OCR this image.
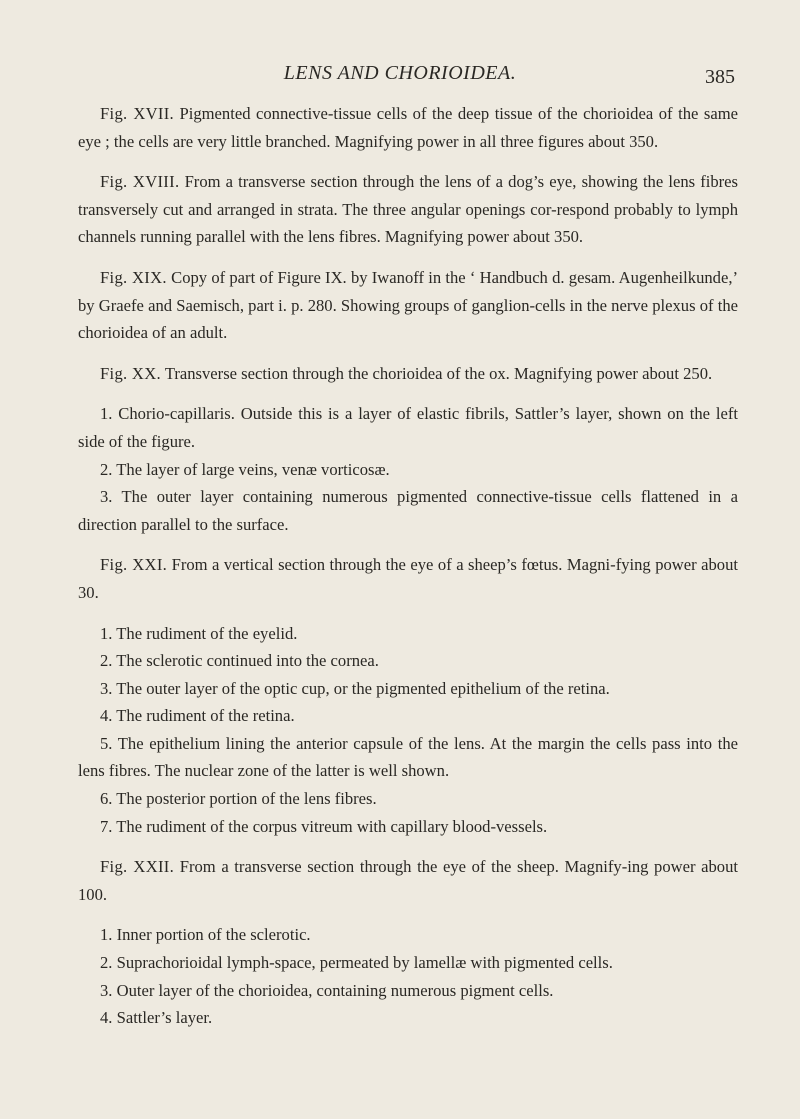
LENS AND CHORIOIDEA.	385

Fig. XVII. Pigmented connective-tissue cells of the deep tissue of the chorioidea of the same eye ; the cells are very little branched. Magnifying power in all three figures about 350.

Fig. XVIII. From a transverse section through the lens of a dog’s eye, showing the lens fibres transversely cut and arranged in strata. The three angular openings cor-respond probably to lymph channels running parallel with the lens fibres. Magnifying power about 350.

Fig. XIX. Copy of part of Figure IX. by Iwanoff in the ‘ Handbuch d. gesam. Augenheilkunde,’ by Graefe and Saemisch, part i. p. 280. Showing groups of ganglion-cells in the nerve plexus of the chorioidea of an adult.

Fig. XX. Transverse section through the chorioidea of the ox. Magnifying power about 250.

1. Chorio-capillaris. Outside this is a layer of elastic fibrils, Sattler’s layer, shown on the left side of the figure.

2. The layer of large veins, venæ vorticosæ.

3. The outer layer containing numerous pigmented connective-tissue cells flattened in a direction parallel to the surface.

Fig. XXI. From a vertical section through the eye of a sheep’s fœtus. Magni-fying power about 30.

1. The rudiment of the eyelid.

2. The sclerotic continued into the cornea.

3. The outer layer of the optic cup, or the pigmented epithelium of the retina.

4. The rudiment of the retina.

5. The epithelium lining the anterior capsule of the lens. At the margin the cells pass into the lens fibres. The nuclear zone of the latter is well shown.

6. The posterior portion of the lens fibres.

7. The rudiment of the corpus vitreum with capillary blood-vessels.

Fig. XXII. From a transverse section through the eye of the sheep. Magnify-ing power about 100.

1. Inner portion of the sclerotic.

2. Suprachorioidal lymph-space, permeated by lamellæ with pigmented cells.

3. Outer layer of the chorioidea, containing numerous pigment cells.

4. Sattler’s layer.
